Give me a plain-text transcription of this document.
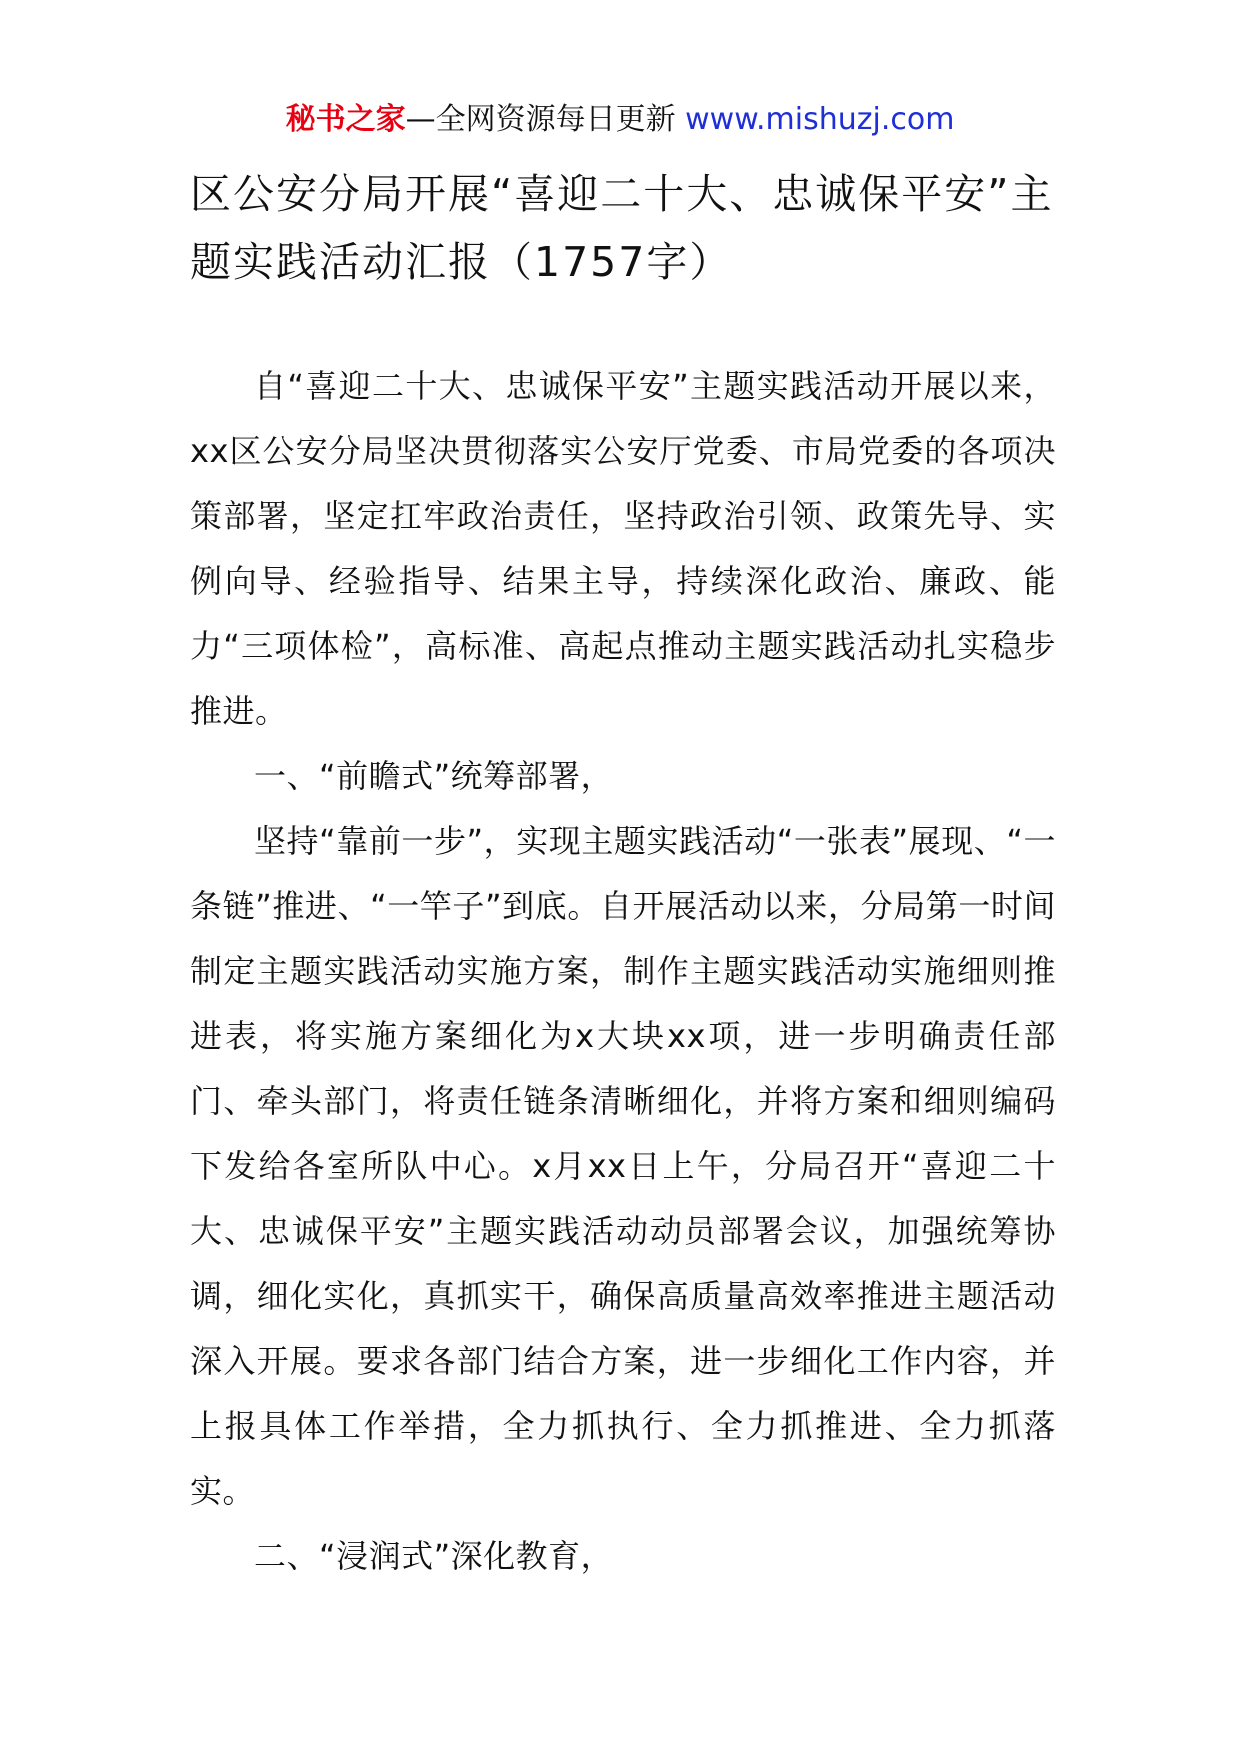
秘书之家—全网资源每日更新 www.mishuzj.com
区公安分局开展“喜迎二十大、忠诚保平安”主题实践活动汇报（1757字）

自“喜迎二十大、忠诚保平安”主题实践活动开展以来，xx区公安分局坚决贯彻落实公安厅党委、市局党委的各项决策部署，坚定扛牢政治责任，坚持政治引领、政策先导、实例向导、经验指导、结果主导，持续深化政治、廉政、能力“三项体检”，高标准、高起点推动主题实践活动扎实稳步推进。

一、“前瞻式”统筹部署，

坚持“靠前一步”，实现主题实践活动“一张表”展现、“一条链”推进、“一竿子”到底。自开展活动以来，分局第一时间制定主题实践活动实施方案，制作主题实践活动实施细则推进表，将实施方案细化为x大块xx项，进一步明确责任部门、牵头部门，将责任链条清晰细化，并将方案和细则编码下发给各室所队中心。x月xx日上午，分局召开“喜迎二十大、忠诚保平安”主题实践活动动员部署会议，加强统筹协调，细化实化，真抓实干，确保高质量高效率推进主题活动深入开展。要求各部门结合方案，进一步细化工作内容，并上报具体工作举措，全力抓执行、全力抓推进、全力抓落实。

二、“浸润式”深化教育，
